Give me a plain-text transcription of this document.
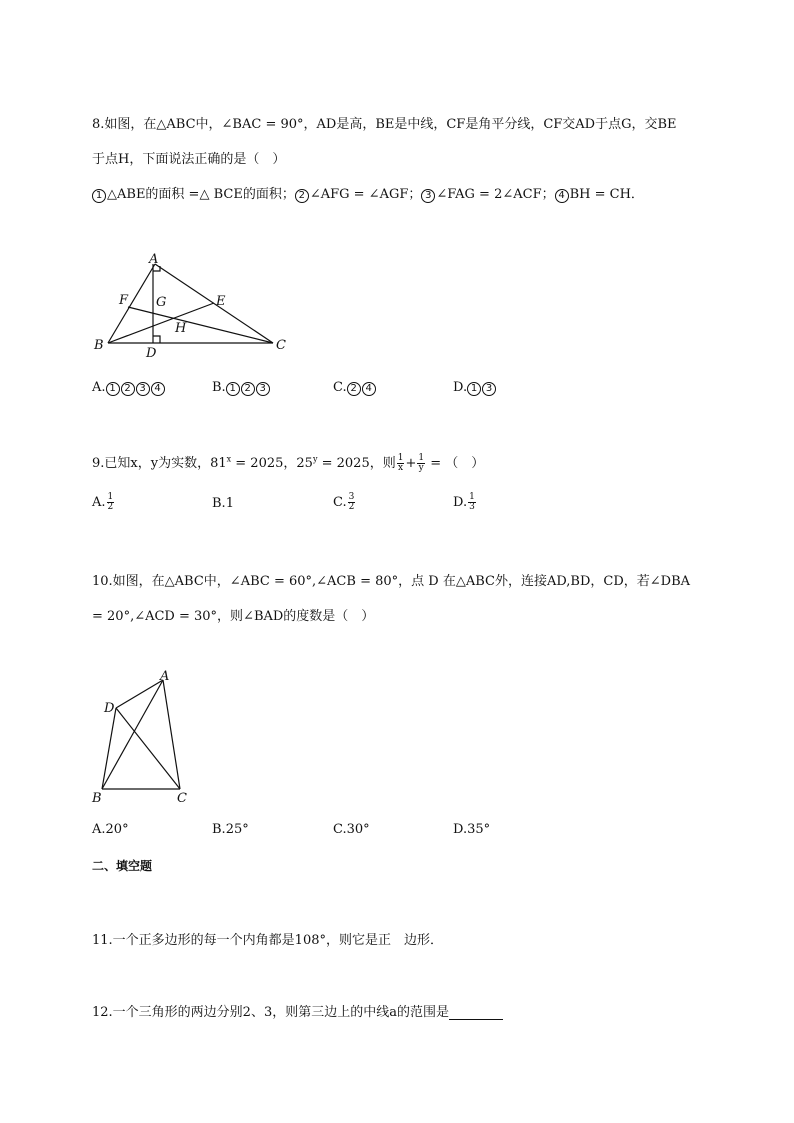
8.如图，在△ABC中，∠BAC = 90°，AD是高，BE是中线，CF是角平分线，CF交AD于点G，交BE
于点H，下面说法正确的是（　）
1 △ABE的面积 =△ BCE的面积； 2 ∠AFG = ∠AGF； 3 ∠FAG = 2∠ACF； 4 BH = CH．
A
B	C
D
E
F G
H
A. 1 2 3 4	B. 1 2 3	C. 2 4	D. 1 3
9.已知x，y为实数，$81^x = 2025$，$25^y = 2025$，则 $\frac{1}{x} + \frac{1}{y}$ = （　）
A. $\frac{1}{2}$	B.1	C. $\frac{3}{2}$	D. $\frac{1}{3}$
10.如图，在△ABC中，∠ABC = 60°,∠ACB = 80°，点 D 在△ABC外，连接AD,BD，CD，若∠DBA
= 20°,∠ACD = 30°，则∠BAD的度数是（　）
A
D
B	C
A.20°	B.25°	C.30°	D.35°
二、填空题
11.一个正多边形的每一个内角都是108°，则它是正　边形．
12.一个三角形的两边分别2、3，则第三边上的中线a的范围是
